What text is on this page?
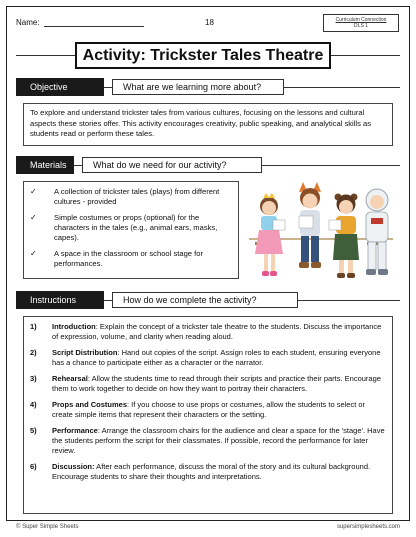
Name:	18	Curriculum Connection
DLS 1
Activity: Trickster Tales Theatre
Objective	What are we learning more about?
To explore and understand trickster tales from various cultures, focusing on the lessons and cultural aspects these stories offer. This activity encourages creativity, public speaking, and analytical skills as students read or perform these tales.
Materials	What do we need for our activity?
✓ A collection of trickster tales (plays) from different cultures - provided
✓ Simple costumes or props (optional) for the characters in the tales (e.g., animal ears, masks, capes).
✓ A space in the classroom or school stage for performances.
Instructions	How do we complete the activity?
1) Introduction: Explain the concept of a trickster tale theatre to the students. Discuss the importance of expression, volume, and clarity when reading aloud.
2) Script Distribution: Hand out copies of the script. Assign roles to each student, ensuring everyone has a chance to participate either as a character or the narrator.
3) Rehearsal: Allow the students time to read through their scripts and practice their parts. Encourage them to work together to decide on how they want to portray their characters.
4) Props and Costumes: If you choose to use props or costumes, allow the students to select or create simple items that represent their characters or the setting.
5) Performance: Arrange the classroom chairs for the audience and clear a space for the 'stage'. Have the students perform the script for their classmates. If possible, record the performance for later review.
6) Discussion: After each performance, discuss the moral of the story and its cultural background. Encourage students to share their thoughts and interpretations.
© Super Simple Sheets	supersimplesheets.com
